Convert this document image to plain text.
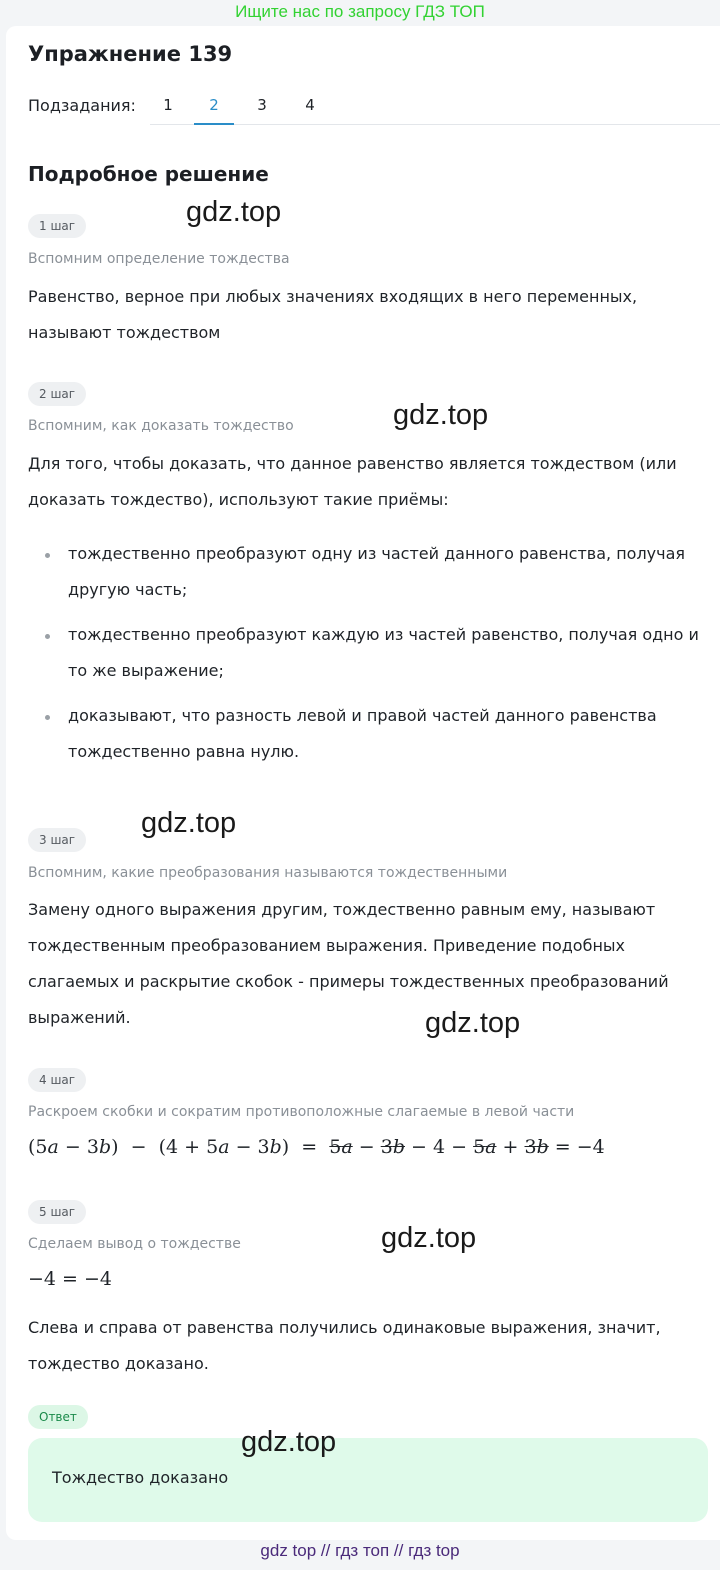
Ищите нас по запросу ГДЗ ТОП
Упражнение 139
Подзадания:	1	2	3	4
Подробное решение
1 шаг
Вспомним определение тождества
Равенство, верное при любых значениях входящих в него переменных, называют тождеством
2 шаг
Вспомним, как доказать тождество
Для того, чтобы доказать, что данное равенство является тождеством (или доказать тождество), используют такие приёмы:
тождественно преобразуют одну из частей данного равенства, получая другую часть;
тождественно преобразуют каждую из частей равенство, получая одно и то же выражение;
доказывают, что разность левой и правой частей данного равенства тождественно равна нулю.
3 шаг
Вспомним, какие преобразования называются тождественными
Замену одного выражения другим, тождественно равным ему, называют тождественным преобразованием выражения. Приведение подобных слагаемых и раскрытие скобок - примеры тождественных преобразований выражений.
4 шаг
Раскроем скобки и сократим противоположные слагаемые в левой части
(5a − 3b)  −  (4 + 5a − 3b)  =  5a − 3b − 4 − 5a + 3b = −4
5 шаг
Сделаем вывод о тождестве
−4 = −4
Слева и справа от равенства получились одинаковые выражения, значит, тождество доказано.
Ответ
Тождество доказано
gdz.top
gdz.top
gdz.top
gdz.top
gdz.top
gdz.top
gdz top // гдз топ // гдз top
